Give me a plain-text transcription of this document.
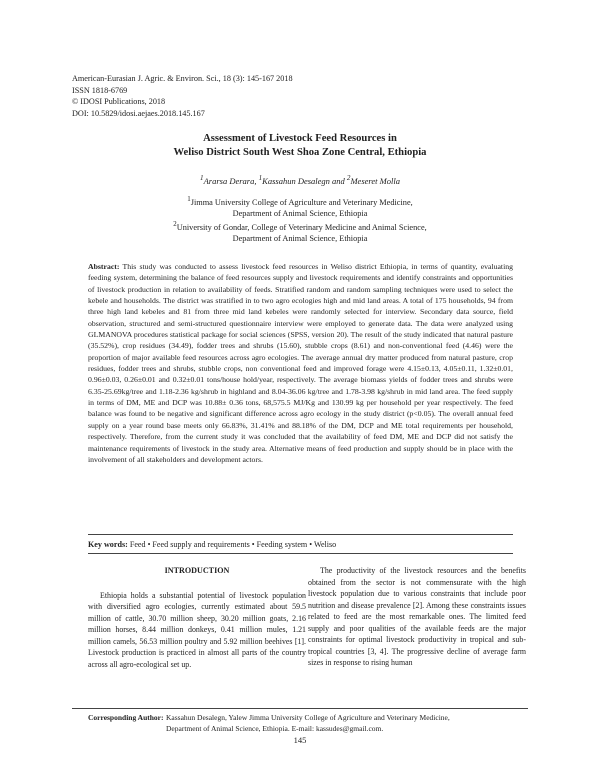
American-Eurasian J. Agric. & Environ. Sci., 18 (3): 145-167 2018
ISSN 1818-6769
© IDOSI Publications, 2018
DOI: 10.5829/idosi.aejaes.2018.145.167
Assessment of Livestock Feed Resources in
Weliso District South West Shoa Zone Central, Ethiopia
$^1$Ararsa Derara, $^1$Kassahun Desalegn and $^2$Meseret Molla
$^1$Jimma University College of Agriculture and Veterinary Medicine,
Department of Animal Science, Ethiopia
$^2$University of Gondar, College of Veterinary Medicine and Animal Science,
Department of Animal Science, Ethiopia
Abstract: This study was conducted to assess livestock feed resources in Weliso district Ethiopia, in terms of quantity, evaluating feeding system, determining the balance of feed resources supply and livestock requirements and identify constraints and opportunities of livestock production in relation to availability of feeds. Stratified random and random sampling techniques were used to select the kebele and households. The district was stratified in to two agro ecologies high and mid land areas. A total of 175 households, 94 from three high land kebeles and 81 from three mid land kebeles were randomly selected for interview. Secondary data source, field observation, structured and semi-structured questionnaire interview were employed to generate data. The data were analyzed using GLMANOVA procedures statistical package for social sciences (SPSS, version 20). The result of the study indicated that natural pasture (35.52%), crop residues (34.49), fodder trees and shrubs (15.60), stubble crops (8.61) and non-conventional feed (4.46) were the proportion of major available feed resources across agro ecologies. The average annual dry matter produced from natural pasture, crop residues, fodder trees and shrubs, stubble crops, non conventional feed and improved forage were 4.15±0.13, 4.05±0.11, 1.32±0.01, 0.96±0.03, 0.26±0.01 and 0.32±0.01 tons/house hold/year, respectively. The average biomass yields of fodder trees and shrubs were 6.35-25.69kg/tree and 1.18-2.36 kg/shrub in highland and 8.04-36.06 kg/tree and 1.78-3.98 kg/shrub in mid land area. The feed supply in terms of DM, ME and DCP was 10.88± 0.36 tons, 68,575.5 MJ/Kg and 130.99 kg per household per year respectively. The feed balance was found to be negative and significant difference across agro ecology in the study district (p<0.05). The overall annual feed supply on a year round base meets only 66.83%, 31.41% and 88.18% of the DM, DCP and ME total requirements per household, respectively. Therefore, from the current study it was concluded that the availability of feed DM, ME and DCP did not satisfy the maintenance requirements of livestock in the study area. Alternative means of feed production and supply should be in place with the involvement of all stakeholders and development actors.
Key words: Feed • Feed supply and requirements • Feeding system • Weliso
INTRODUCTION

Ethiopia holds a substantial potential of livestock population with diversified agro ecologies, currently estimated about 59.5 million of cattle, 30.70 million sheep, 30.20 million goats, 2.16 million horses, 8.44 million donkeys, 0.41 million mules, 1.21 million camels, 56.53 million poultry and 5.92 million beehives [1]. Livestock production is practiced in almost all parts of the country across all agro-ecological set up.

The productivity of the livestock resources and the benefits obtained from the sector is not commensurate with the high livestock population due to various constraints that include poor nutrition and disease prevalence [2]. Among these constraints issues related to feed are the most remarkable ones. The limited feed supply and poor qualities of the available feeds are the major constraints for optimal livestock productivity in tropical and sub-tropical countries [3, 4]. The progressive decline of average farm sizes in response to rising human

Corresponding Author: Kassahun Desalegn, Yalew Jimma University College of Agriculture and Veterinary Medicine,
Department of Animal Science, Ethiopia. E-mail: kassudes@gmail.com.
145
